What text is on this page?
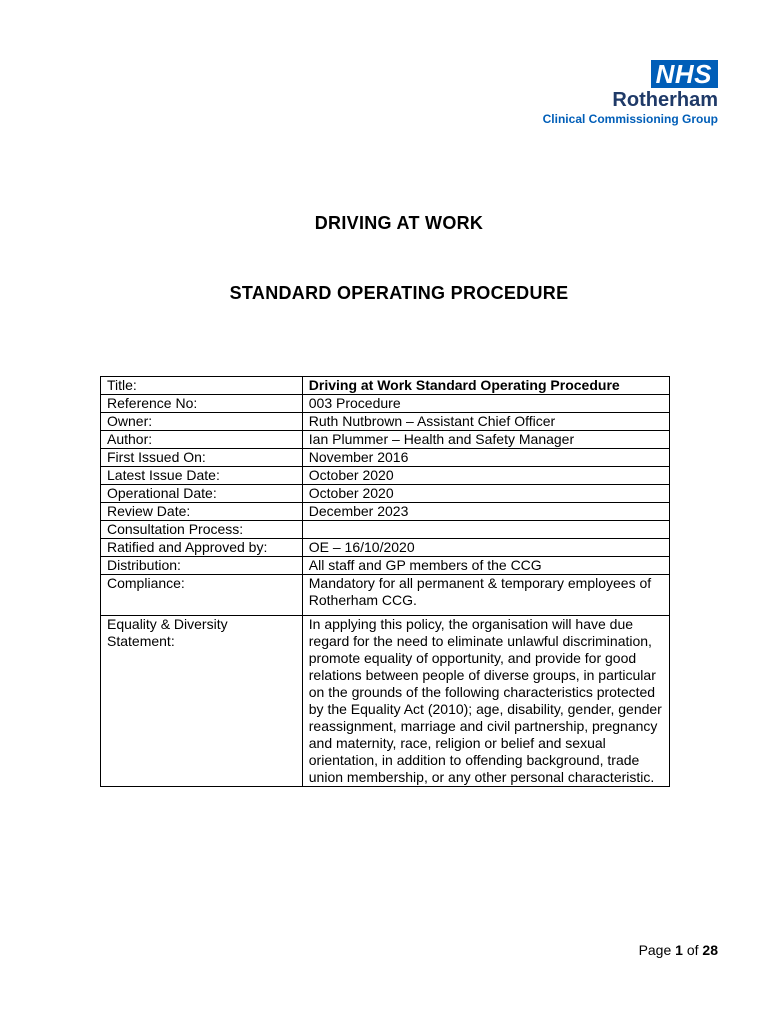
NHS
Rotherham
Clinical Commissioning Group
DRIVING AT WORK
STANDARD OPERATING PROCEDURE
Title:	Driving at Work Standard Operating Procedure
Reference No:	003 Procedure
Owner:	Ruth Nutbrown – Assistant Chief Officer
Author:	Ian Plummer – Health and Safety Manager
First Issued On:	November 2016
Latest Issue Date:	October 2020
Operational Date:	October 2020
Review Date:	December 2023
Consultation Process:	
Ratified and Approved by:	OE – 16/10/2020
Distribution:	All staff and GP members of the CCG
Compliance:	Mandatory for all permanent & temporary employees of Rotherham CCG.
Equality & Diversity Statement:	In applying this policy, the organisation will have due regard for the need to eliminate unlawful discrimination, promote equality of opportunity, and provide for good relations between people of diverse groups, in particular on the grounds of the following characteristics protected by the Equality Act (2010); age, disability, gender, gender reassignment, marriage and civil partnership, pregnancy and maternity, race, religion or belief and sexual orientation, in addition to offending background, trade union membership, or any other personal characteristic.
Page 1 of 28
